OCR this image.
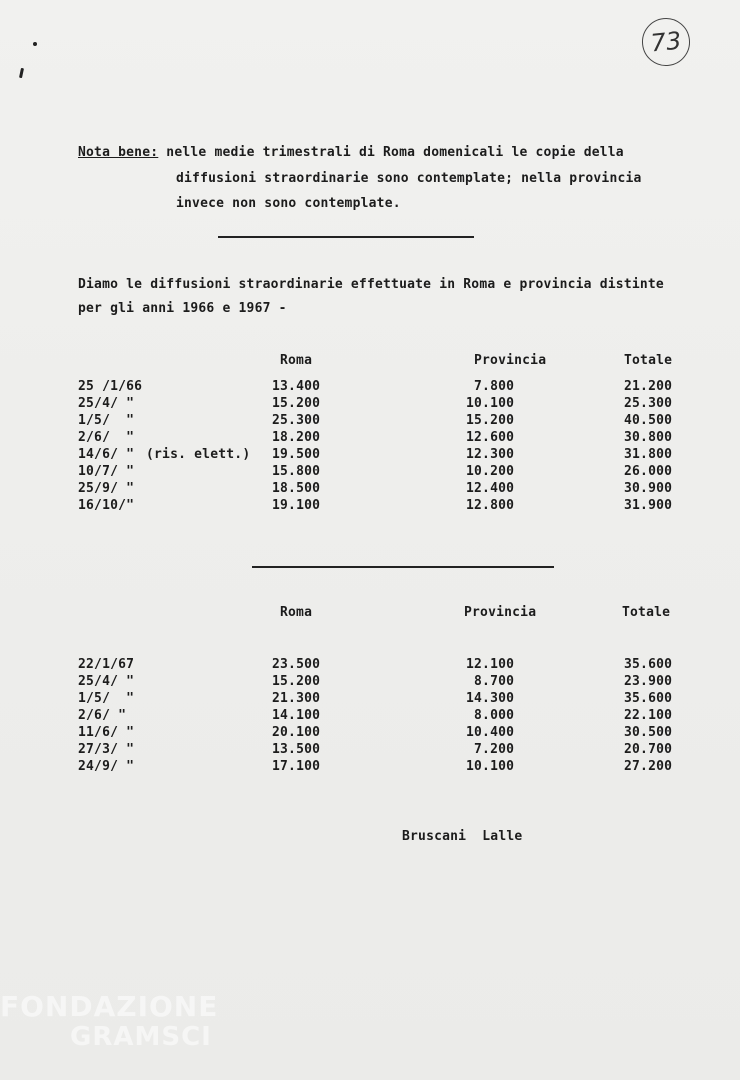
73
Nota bene: nelle medie trimestrali di Roma domenicali le copie della
diffusioni straordinarie sono contemplate; nella provincia
invece non sono contemplate.
Diamo le diffusioni straordinarie effettuate in Roma e provincia distinte
per gli anni 1966 e 1967 -
Roma	Provincia	Totale
25 /1/66	13.400	7.800	21.200
25/4/ "	15.200	10.100	25.300
1/5/  "	25.300	15.200	40.500
2/6/  "	18.200	12.600	30.800
14/6/ " (ris. elett.) 19.500	12.300	31.800
10/7/ "	15.800	10.200	26.000
25/9/ "	18.500	12.400	30.900
16/10/"	19.100	12.800	31.900
Roma	Provincia	Totale
22/1/67	23.500	12.100	35.600
25/4/ "	15.200	8.700	23.900
1/5/  "	21.300	14.300	35.600
2/6/ "	14.100	8.000	22.100
11/6/ "	20.100	10.400	30.500
27/3/ "	13.500	7.200	20.700
24/9/ "	17.100	10.100	27.200
Bruscani  Lalle
FONDAZIONE
GRAMSCI
